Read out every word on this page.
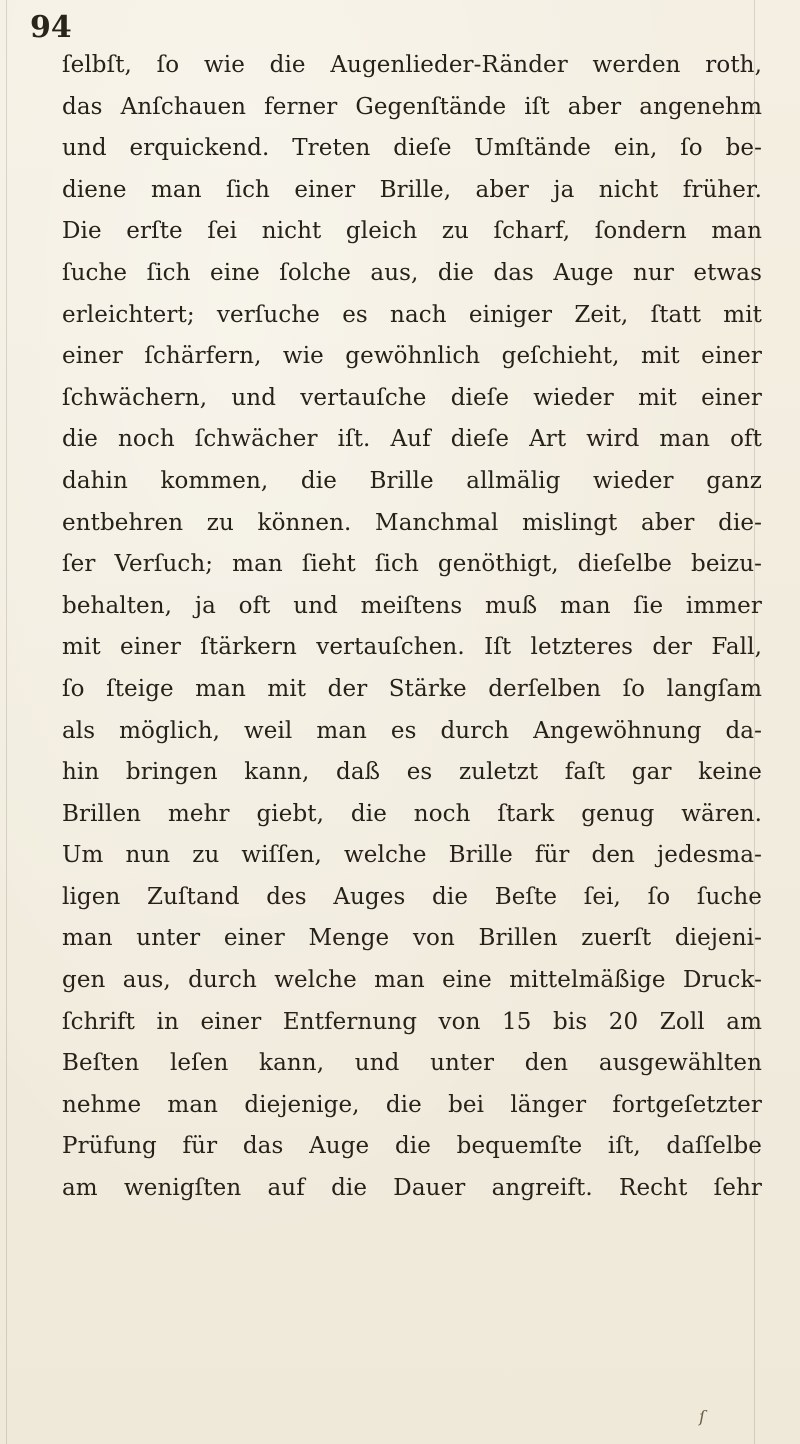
94
ſelbſt, ſo wie die Augenlieder-Ränder werden roth,
das Anſchauen ferner Gegenſtände iſt aber angenehm
und erquickend. Treten dieſe Umſtände ein, ſo be-
diene man ſich einer Brille, aber ja nicht früher.
Die erſte ſei nicht gleich zu ſcharf, ſondern man
ſuche ſich eine ſolche aus, die das Auge nur etwas
erleichtert; verſuche es nach einiger Zeit, ſtatt mit
einer ſchärfern, wie gewöhnlich geſchieht, mit einer
ſchwächern, und vertauſche dieſe wieder mit einer
die noch ſchwächer iſt. Auf dieſe Art wird man oft
dahin kommen, die Brille allmälig wieder ganz
entbehren zu können. Manchmal mislingt aber die-
ſer Verſuch; man ſieht ſich genöthigt, dieſelbe beizu-
behalten, ja oft und meiſtens muß man ſie immer
mit einer ſtärkern vertauſchen. Iſt letzteres der Fall,
ſo ſteige man mit der Stärke derſelben ſo langſam
als möglich, weil man es durch Angewöhnung da-
hin bringen kann, daß es zuletzt faſt gar keine
Brillen mehr giebt, die noch ſtark genug wären.
Um nun zu wiſſen, welche Brille für den jedesma-
ligen Zuſtand des Auges die Beſte ſei, ſo ſuche
man unter einer Menge von Brillen zuerſt diejeni-
gen aus, durch welche man eine mittelmäßige Druck-
ſchrift in einer Entfernung von 15 bis 20 Zoll am
Beſten leſen kann, und unter den ausgewählten
nehme man diejenige, die bei länger fortgeſetzter
Prüfung für das Auge die bequemſte iſt, daſſelbe
am wenigſten auf die Dauer angreift. Recht ſehr
ſ
